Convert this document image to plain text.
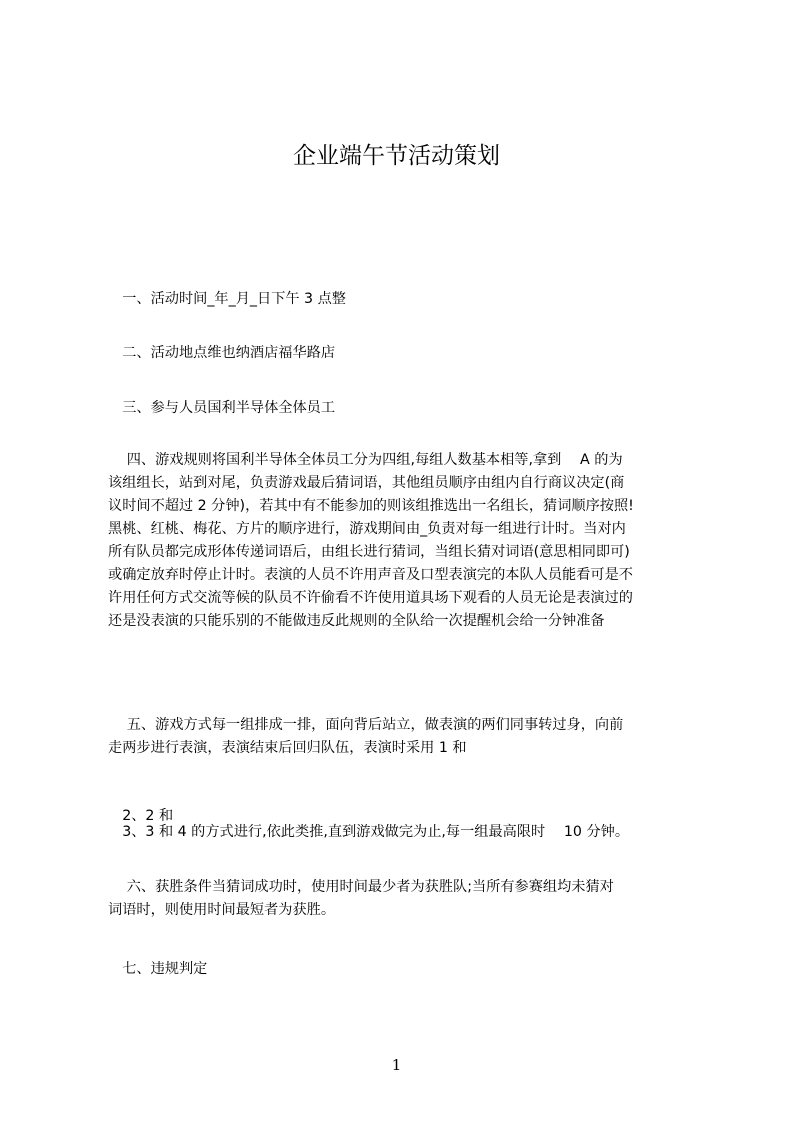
企业端午节活动策划
　一、活动时间_年_月_日下午 3 点整
　二、活动地点维也纳酒店福华路店
　三、参与人员国利半导体全体员工
　 四、游戏规则将国利半导体全体员工分为四组,每组人数基本相等,拿到　 A 的为
该组组长，站到对尾，负责游戏最后猜词语，其他组员顺序由组内自行商议决定(商
议时间不超过 2 分钟)，若其中有不能参加的则该组推选出一名组长，猜词顺序按照!
黑桃、红桃、梅花、方片的顺序进行，游戏期间由_负责对每一组进行计时。当对内
所有队员都完成形体传递词语后，由组长进行猜词，当组长猜对词语(意思相同即可)
或确定放弃时停止计时。表演的人员不许用声音及口型表演完的本队人员能看可是不
许用任何方式交流等候的队员不许偷看不许使用道具场下观看的人员无论是表演过的
还是没表演的只能乐别的不能做违反此规则的全队给一次提醒机会给一分钟准备
　 五、游戏方式每一组排成一排，面向背后站立，做表演的两们同事转过身，向前
走两步进行表演，表演结束后回归队伍，表演时采用 1 和
　2、2 和
　3、3 和 4 的方式进行,依此类推,直到游戏做完为止,每一组最高限时　 10 分钟。
　 六、获胜条件当猜词成功时，使用时间最少者为获胜队;当所有参赛组均未猜对
词语时，则使用时间最短者为获胜。
　七、违规判定
1
